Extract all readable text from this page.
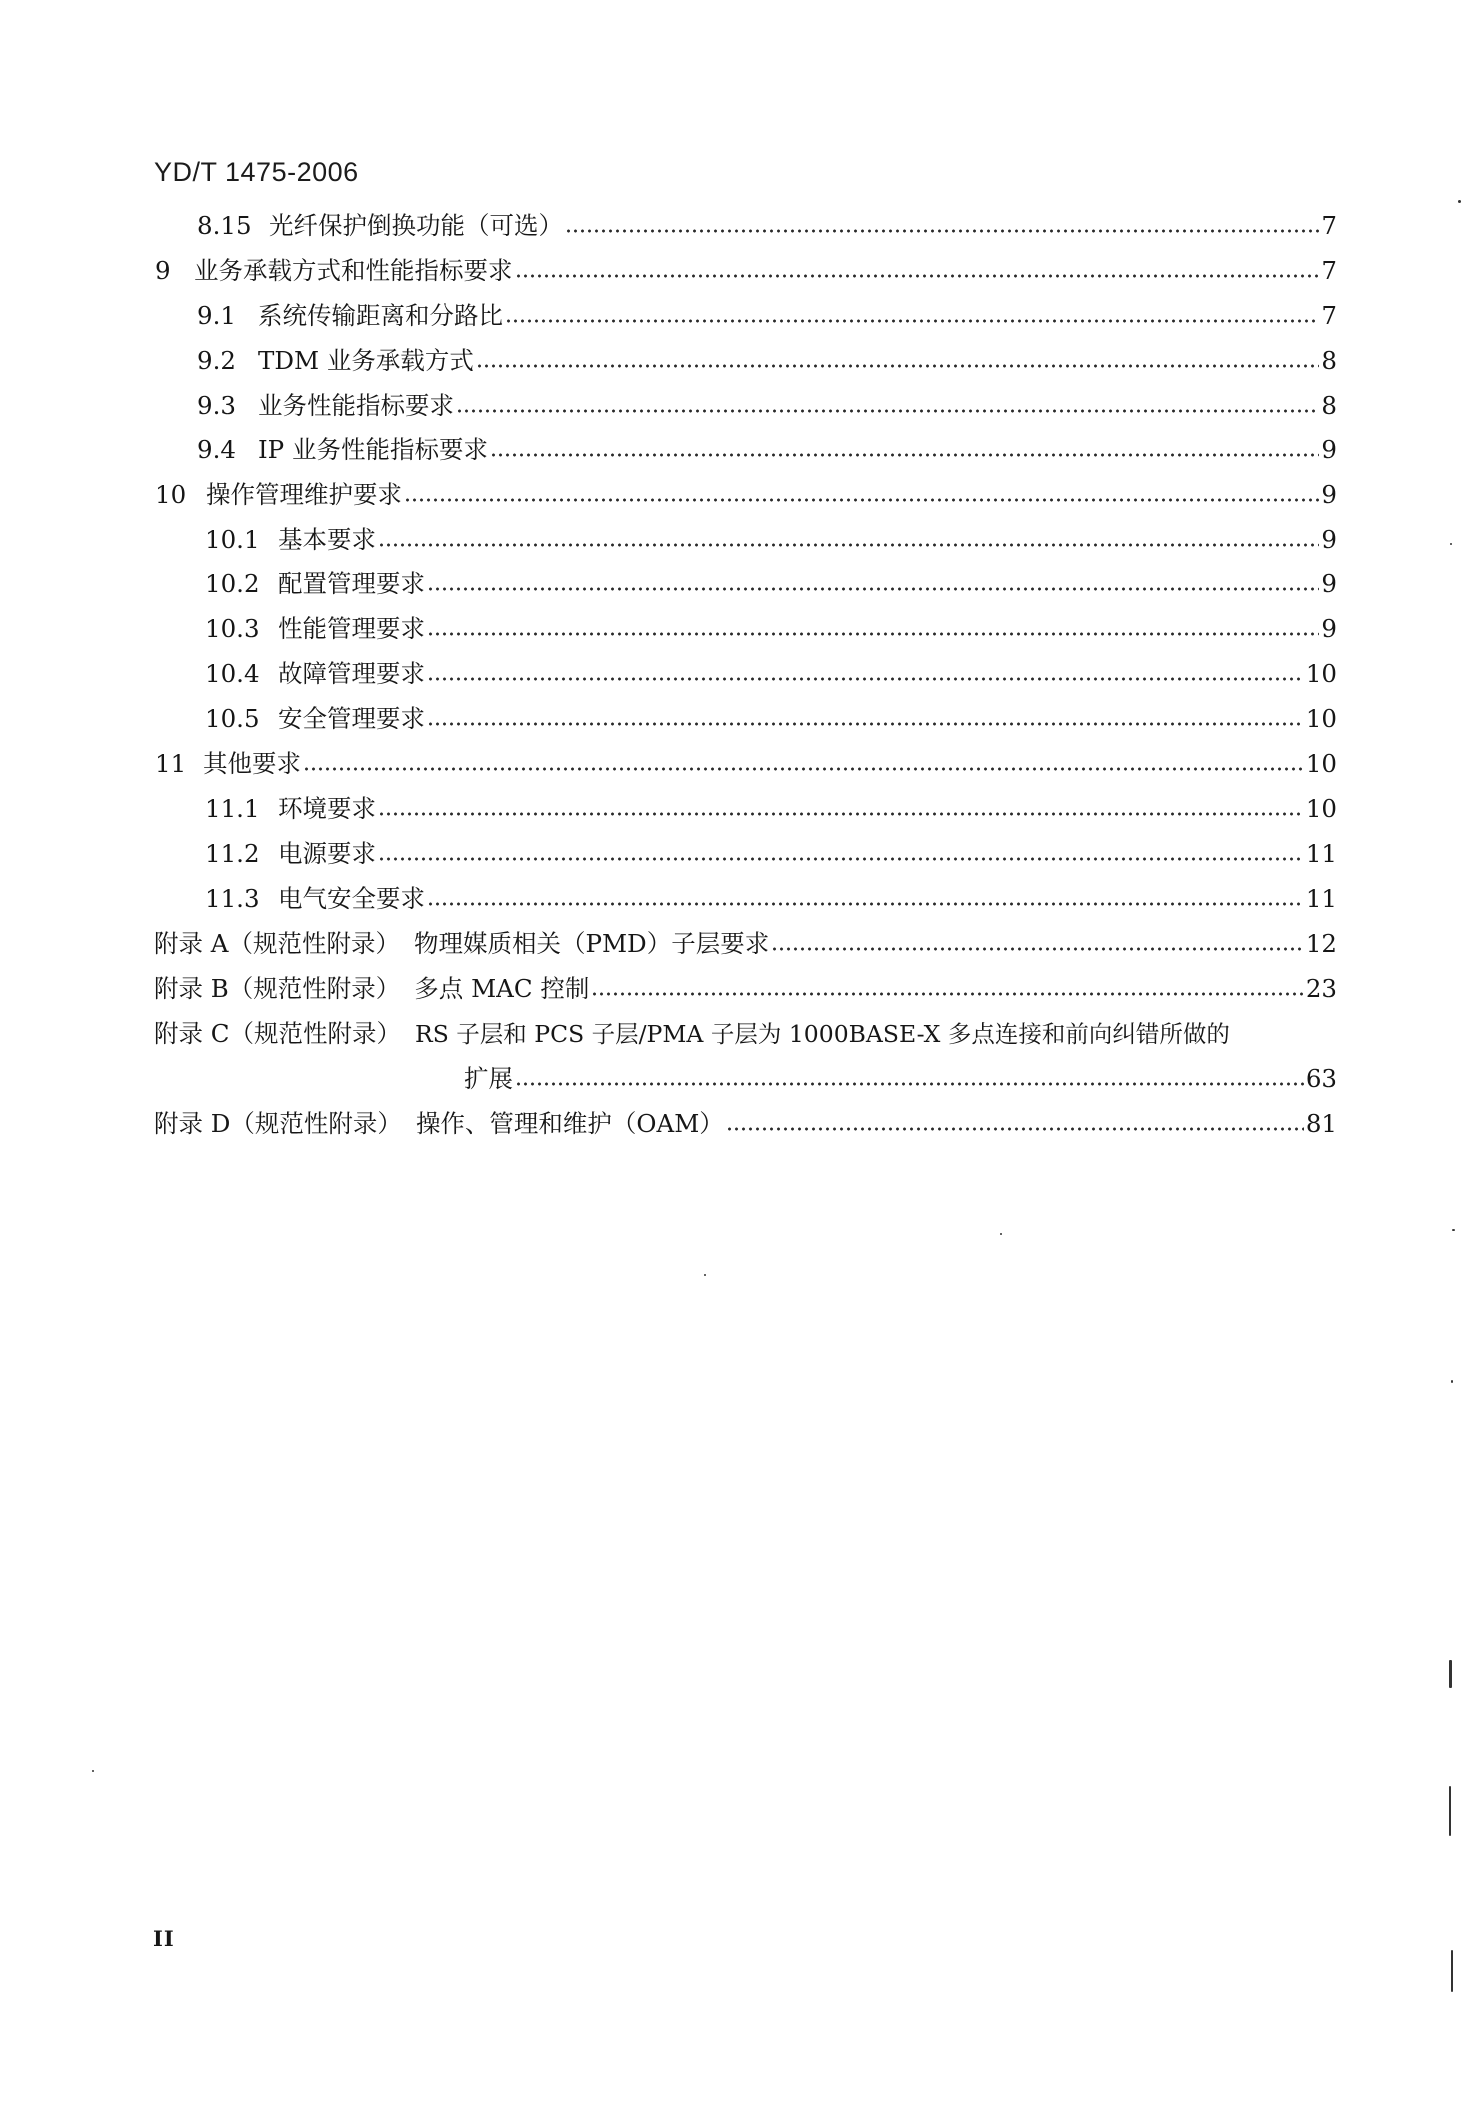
YD/T 1475-2006
8.15 光纤保护倒换功能（可选）	7
9 业务承载方式和性能指标要求	7
9.1 系统传输距离和分路比	7
9.2 TDM 业务承载方式	8
9.3 业务性能指标要求	8
9.4 IP 业务性能指标要求	9
10 操作管理维护要求	9
10.1 基本要求	9
10.2 配置管理要求	9
10.3 性能管理要求	9
10.4 故障管理要求	10
10.5 安全管理要求	10
11 其他要求	10
11.1 环境要求	10
11.2 电源要求	11
11.3 电气安全要求	11
附录 A（规范性附录） 物理媒质相关（PMD）子层要求	12
附录 B（规范性附录） 多点 MAC 控制	23
附录 C（规范性附录） RS 子层和 PCS 子层/PMA 子层为 1000BASE-X 多点连接和前向纠错所做的
扩展	63
附录 D（规范性附录） 操作、管理和维护（OAM）	81
II
